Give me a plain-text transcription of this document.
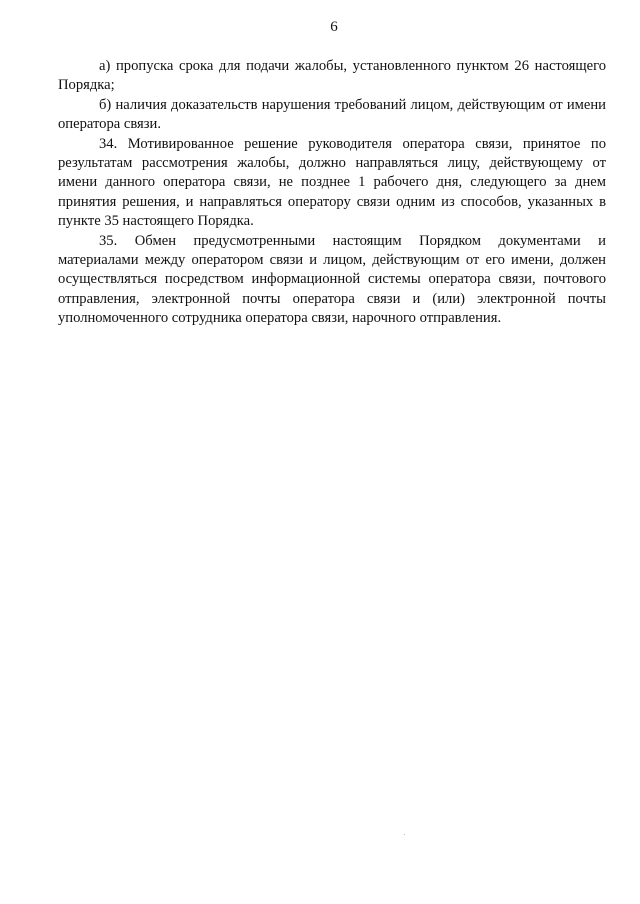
6

а) пропуска срока для подачи жалобы, установленного пунктом 26 настоящего Порядка;

б) наличия доказательств нарушения требований лицом, действующим от имени оператора связи.

34. Мотивированное решение руководителя оператора связи, принятое по результатам рассмотрения жалобы, должно направляться лицу, действующему от имени данного оператора связи, не позднее 1 рабочего дня, следующего за днем принятия решения, и направляться оператору связи одним из способов, указанных в пункте 35 настоящего Порядка.

35. Обмен предусмотренными настоящим Порядком документами и материалами между оператором связи и лицом, действующим от его имени, должен осуществляться посредством информационной системы оператора связи, почтового отправления, электронной почты оператора связи и (или) электронной почты уполномоченного сотрудника оператора связи, нарочного отправления.
